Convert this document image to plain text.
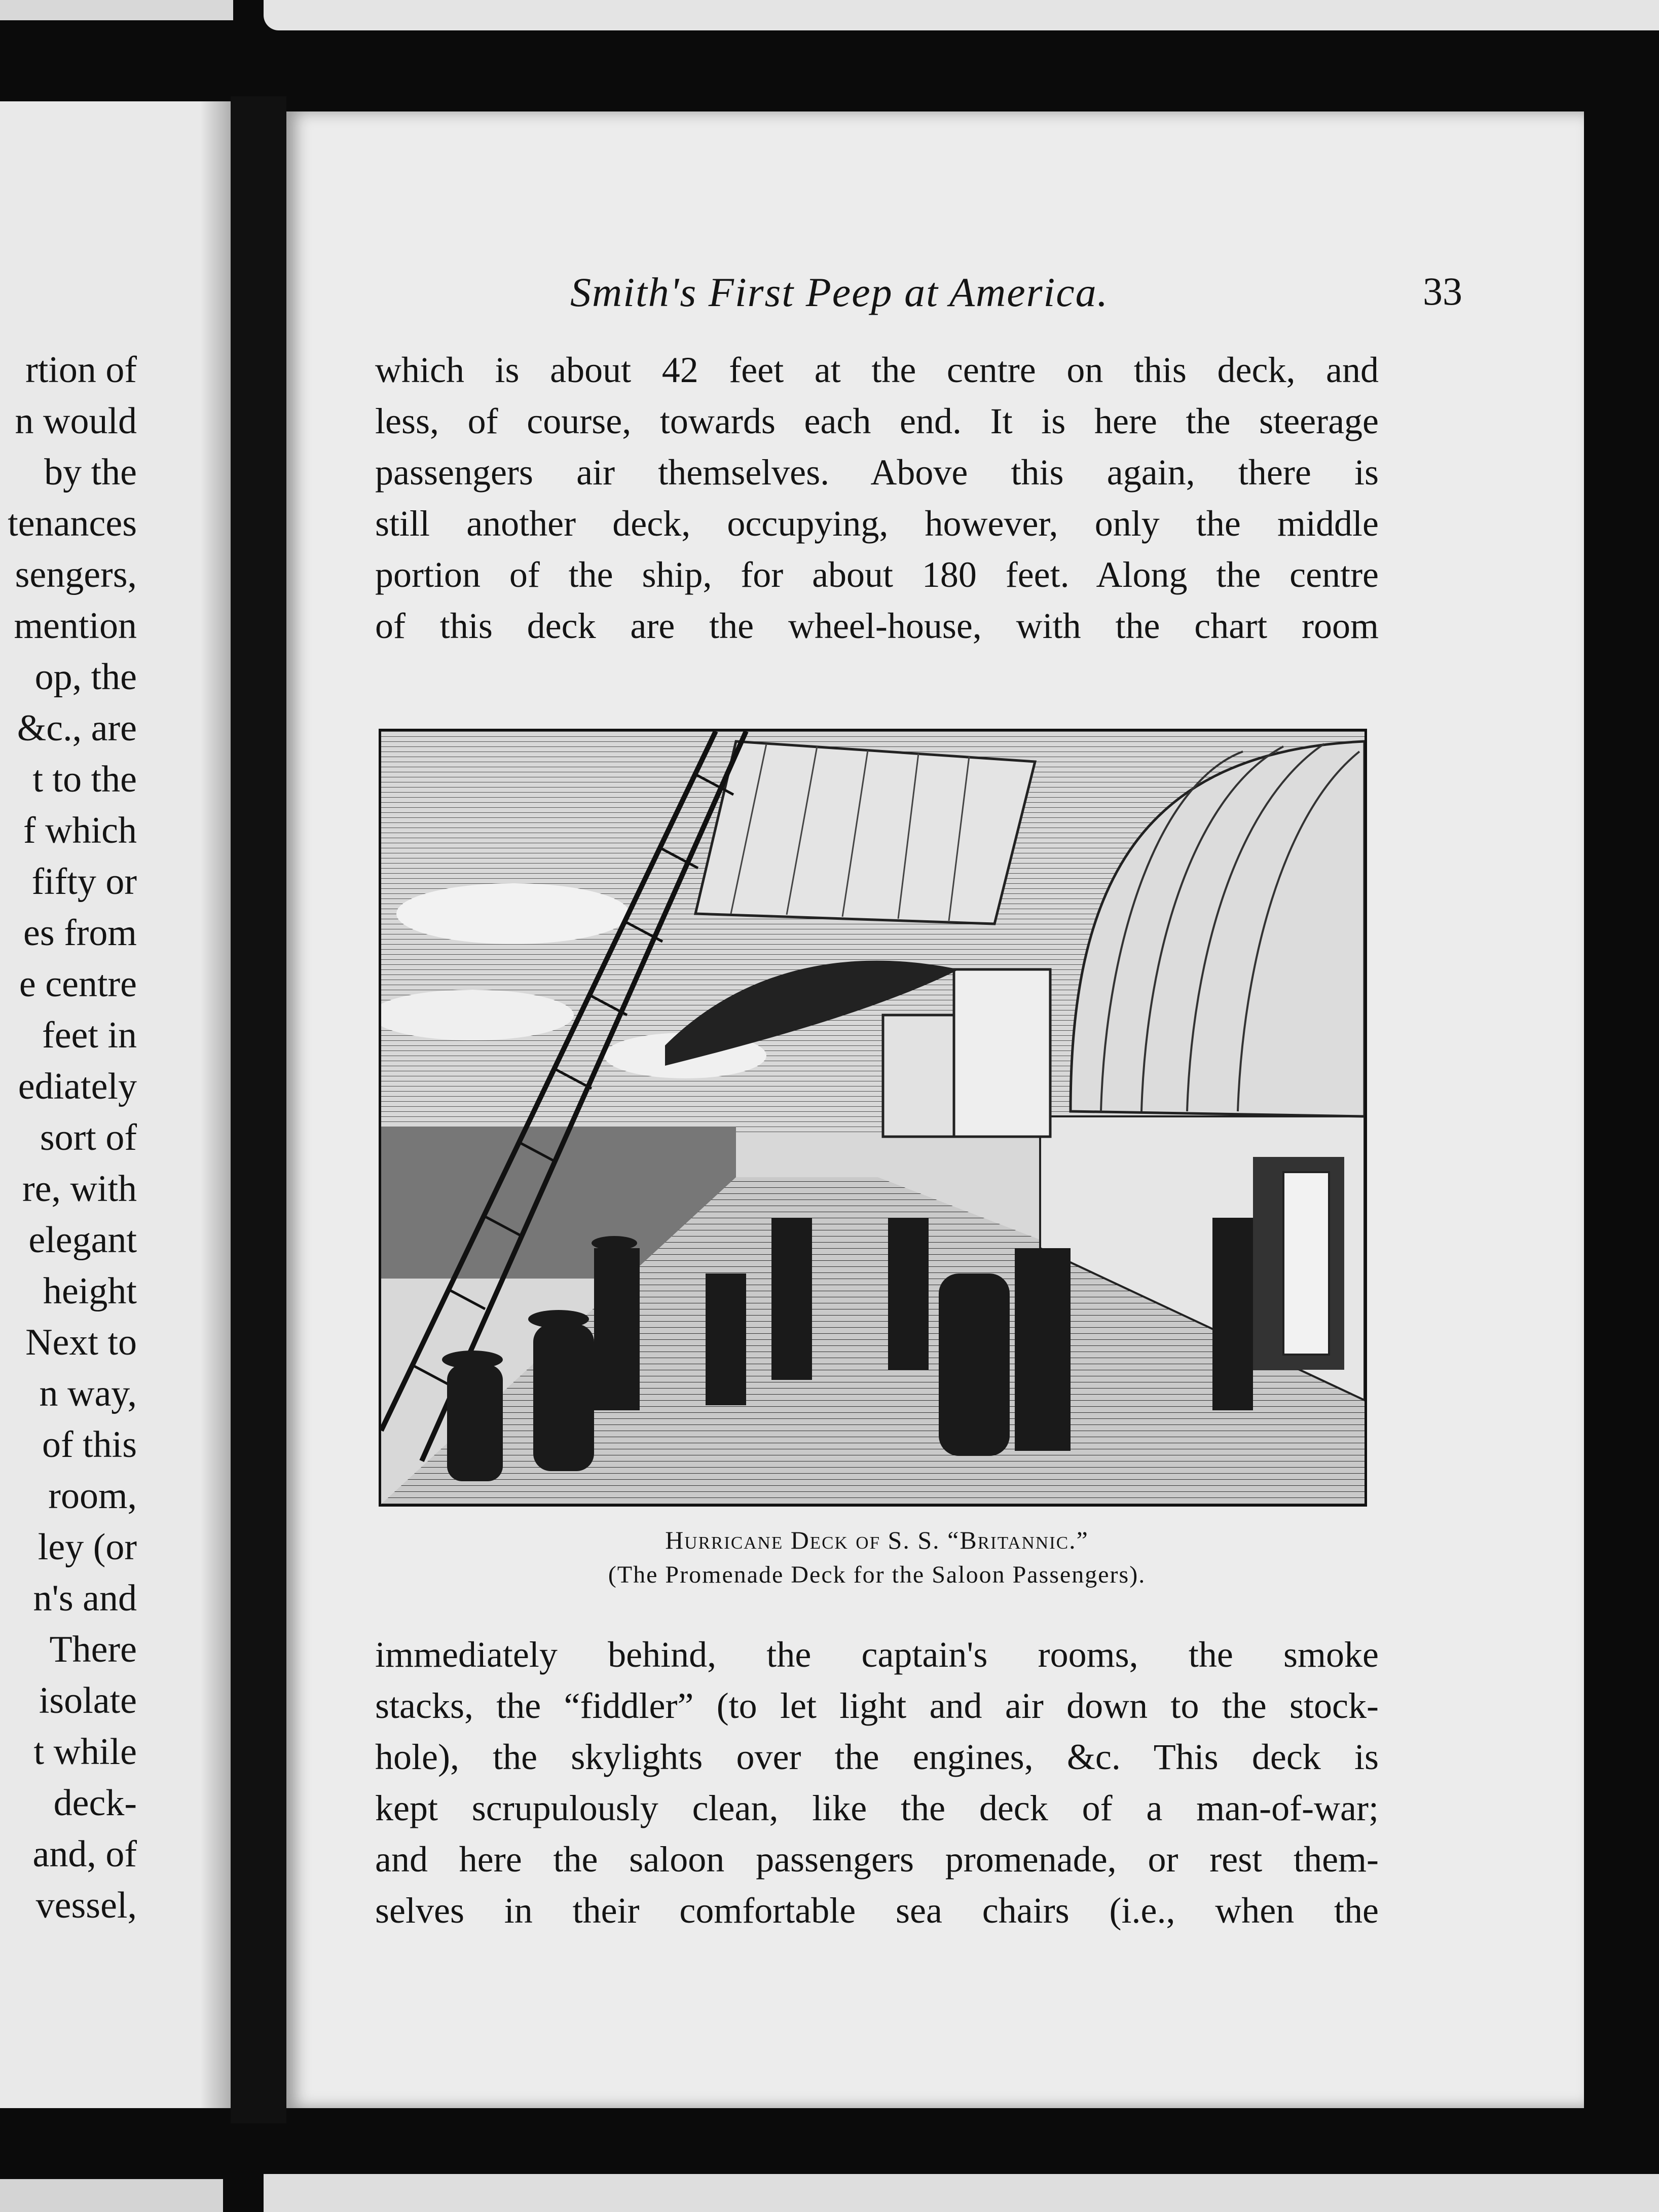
rtion of
n would
by the
tenances
sengers,
mention
op, the
&c., are
t to the
f which
fifty or
es from
e centre
feet in
ediately
sort of
re, with
elegant
height
Next to
n way,
of this
room,
ley (or
n's and
There
isolate
t while
deck-
and, of
vessel,
Smith's First Peep at America.	33
which is about 42 feet at the centre on this deck, and
less, of course, towards each end. It is here the steerage
passengers air themselves. Above this again, there is
still another deck, occupying, however, only the middle
portion of the ship, for about 180 feet. Along the centre
of this deck are the wheel-house, with the chart room
Hurricane Deck of S. S. “Britannic.”
(The Promenade Deck for the Saloon Passengers).
immediately behind, the captain's rooms, the smoke
stacks, the “fiddler” (to let light and air down to the stock-
hole), the skylights over the engines, &c. This deck is
kept scrupulously clean, like the deck of a man-of-war;
and here the saloon passengers promenade, or rest them-
selves in their comfortable sea chairs (i.e., when the
